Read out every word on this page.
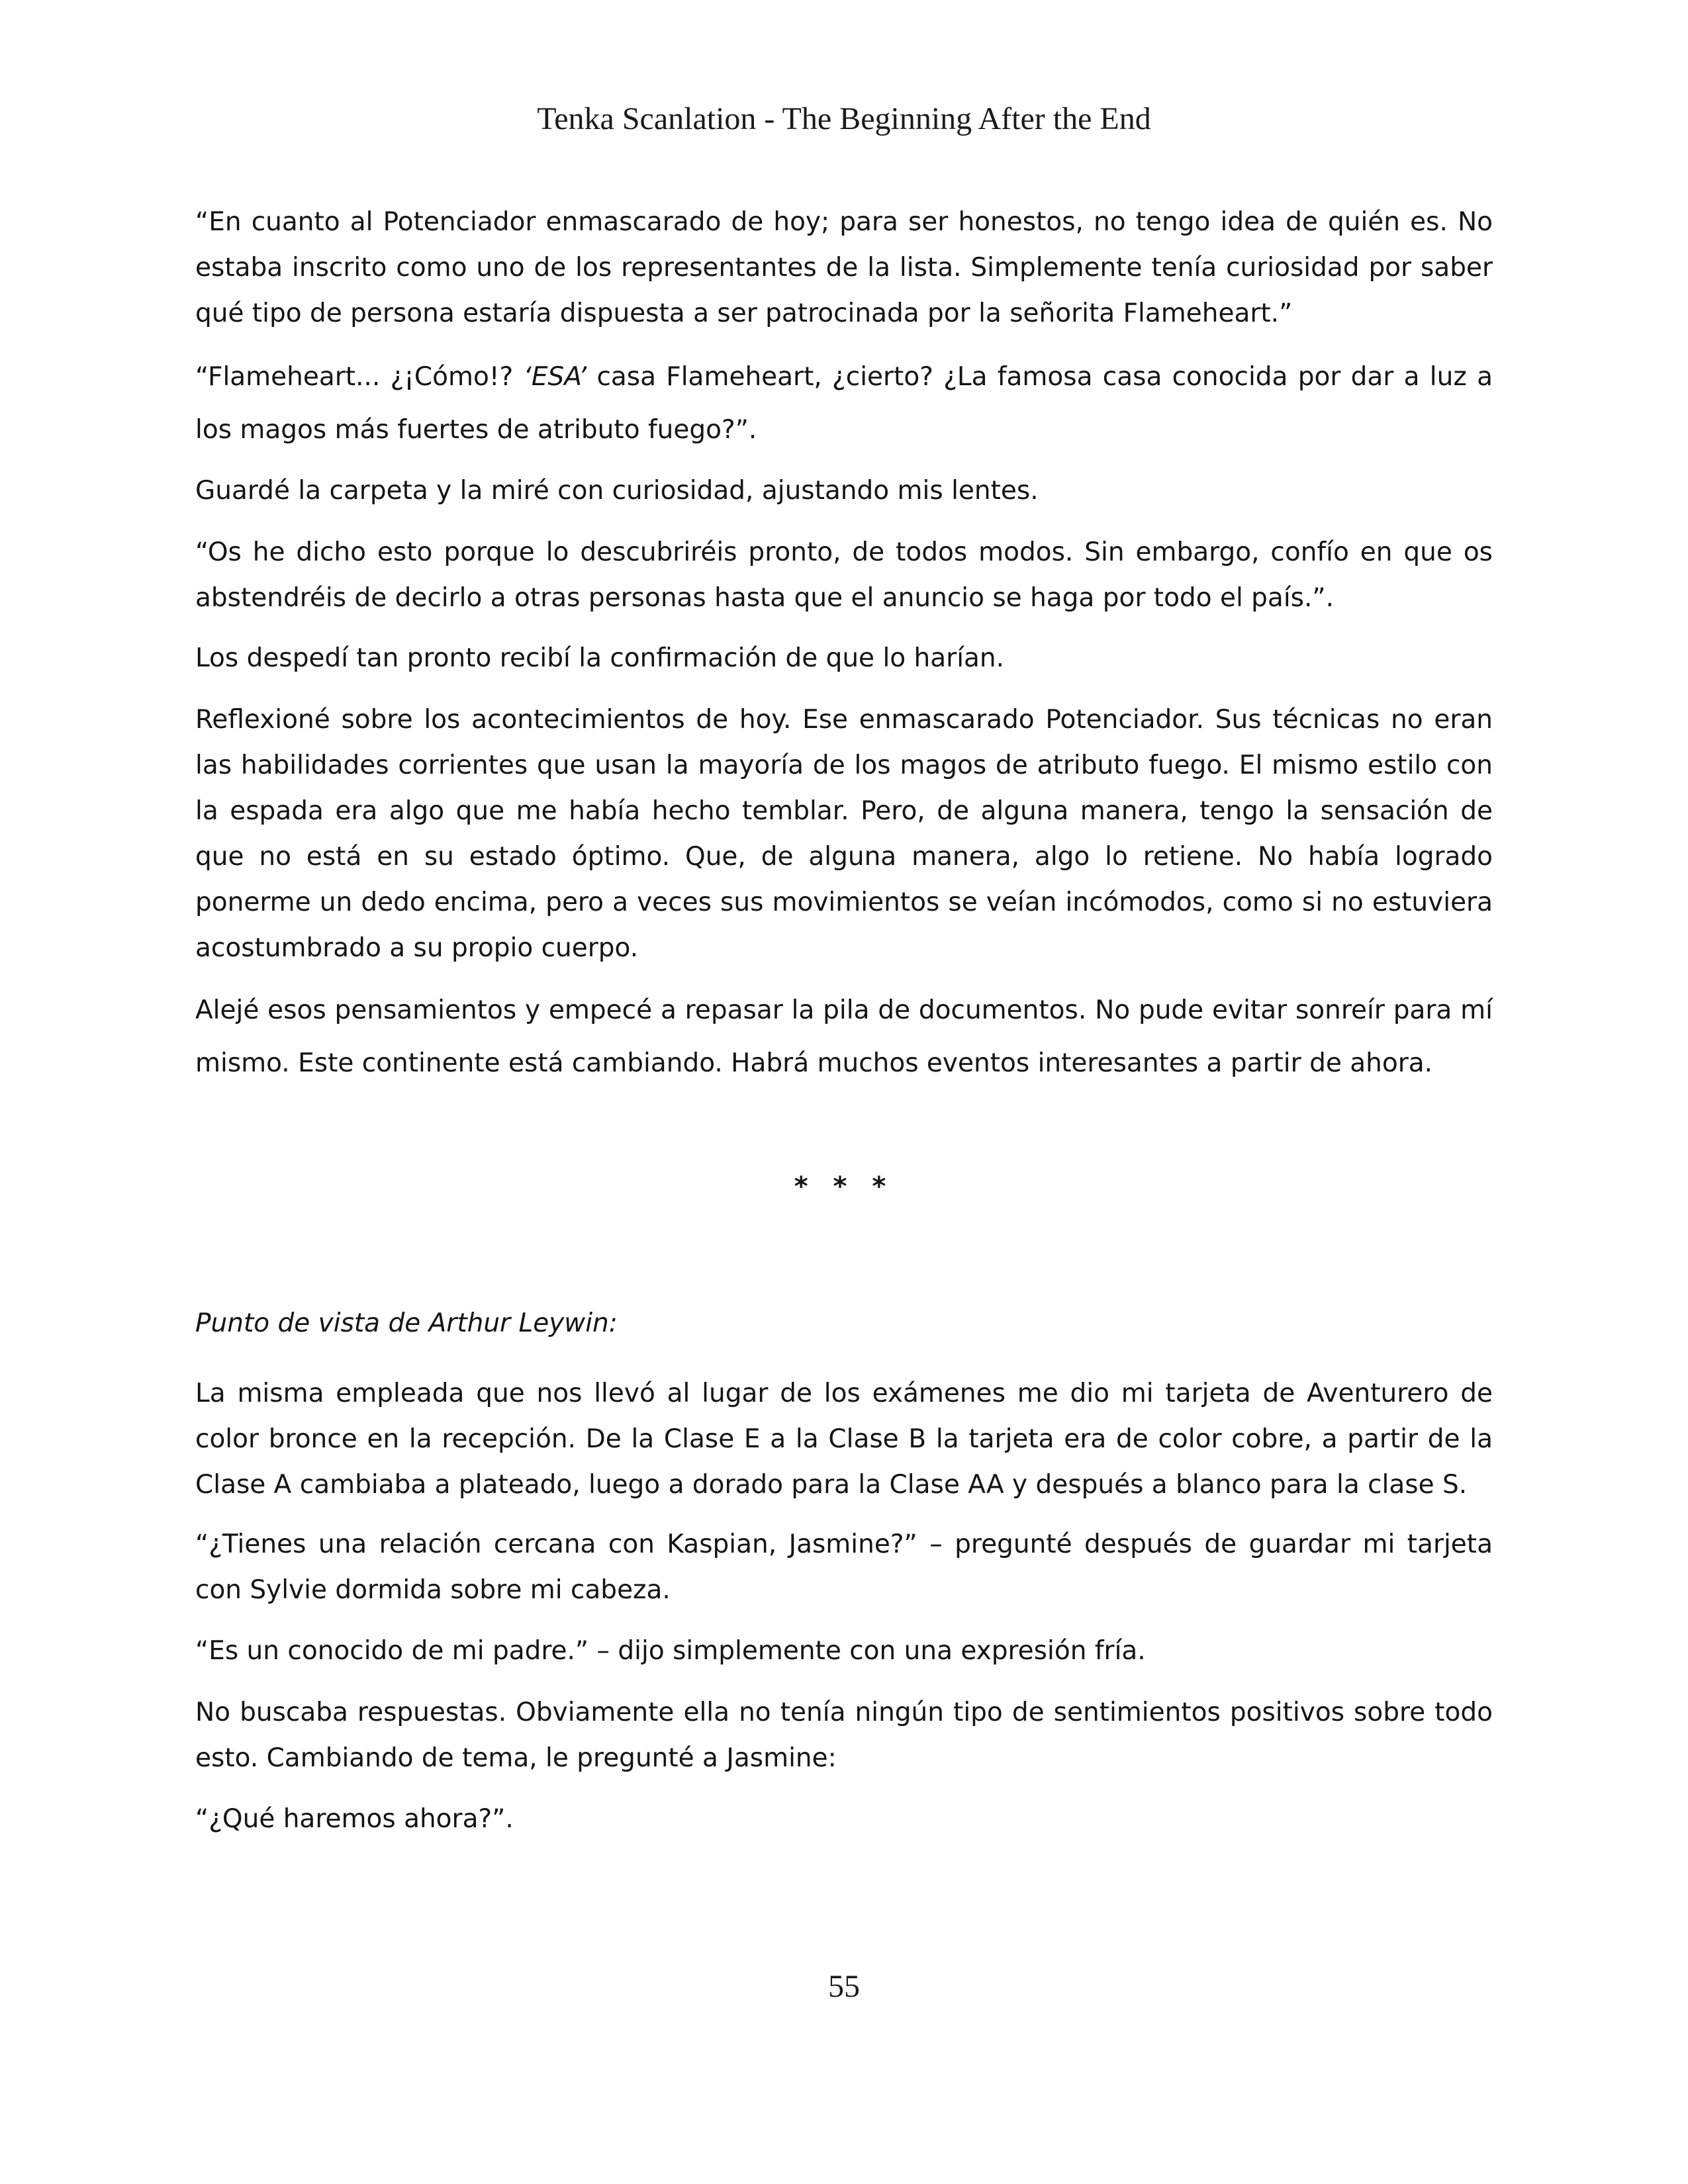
Tenka Scanlation - The Beginning After the End

“En cuanto al Potenciador enmascarado de hoy; para ser honestos, no tengo idea de quién es. No estaba inscrito como uno de los representantes de la lista. Simplemente tenía curiosidad por saber qué tipo de persona estaría dispuesta a ser patrocinada por la señorita Flameheart.”

“Flameheart... ¿¡Cómo!? ‘ESA’ casa Flameheart, ¿cierto? ¿La famosa casa conocida por dar a luz a los magos más fuertes de atributo fuego?”.

Guardé la carpeta y la miré con curiosidad, ajustando mis lentes.

“Os he dicho esto porque lo descubriréis pronto, de todos modos. Sin embargo, confío en que os abstendréis de decirlo a otras personas hasta que el anuncio se haga por todo el país.”.

Los despedí tan pronto recibí la confirmación de que lo harían.

Reflexioné sobre los acontecimientos de hoy. Ese enmascarado Potenciador. Sus técnicas no eran las habilidades corrientes que usan la mayoría de los magos de atributo fuego. El mismo estilo con la espada era algo que me había hecho temblar. Pero, de alguna manera, tengo la sensación de que no está en su estado óptimo. Que, de alguna manera, algo lo retiene. No había logrado ponerme un dedo encima, pero a veces sus movimientos se veían incómodos, como si no estuviera acostumbrado a su propio cuerpo.

Alejé esos pensamientos y empecé a repasar la pila de documentos. No pude evitar sonreír para mí mismo. Este continente está cambiando. Habrá muchos eventos interesantes a partir de ahora.

* * *

Punto de vista de Arthur Leywin:

La misma empleada que nos llevó al lugar de los exámenes me dio mi tarjeta de Aventurero de color bronce en la recepción. De la Clase E a la Clase B la tarjeta era de color cobre, a partir de la Clase A cambiaba a plateado, luego a dorado para la Clase AA y después a blanco para la clase S.

“¿Tienes una relación cercana con Kaspian, Jasmine?” – pregunté después de guardar mi tarjeta con Sylvie dormida sobre mi cabeza.

“Es un conocido de mi padre.” – dijo simplemente con una expresión fría.

No buscaba respuestas. Obviamente ella no tenía ningún tipo de sentimientos positivos sobre todo esto. Cambiando de tema, le pregunté a Jasmine:

“¿Qué haremos ahora?”.

55
